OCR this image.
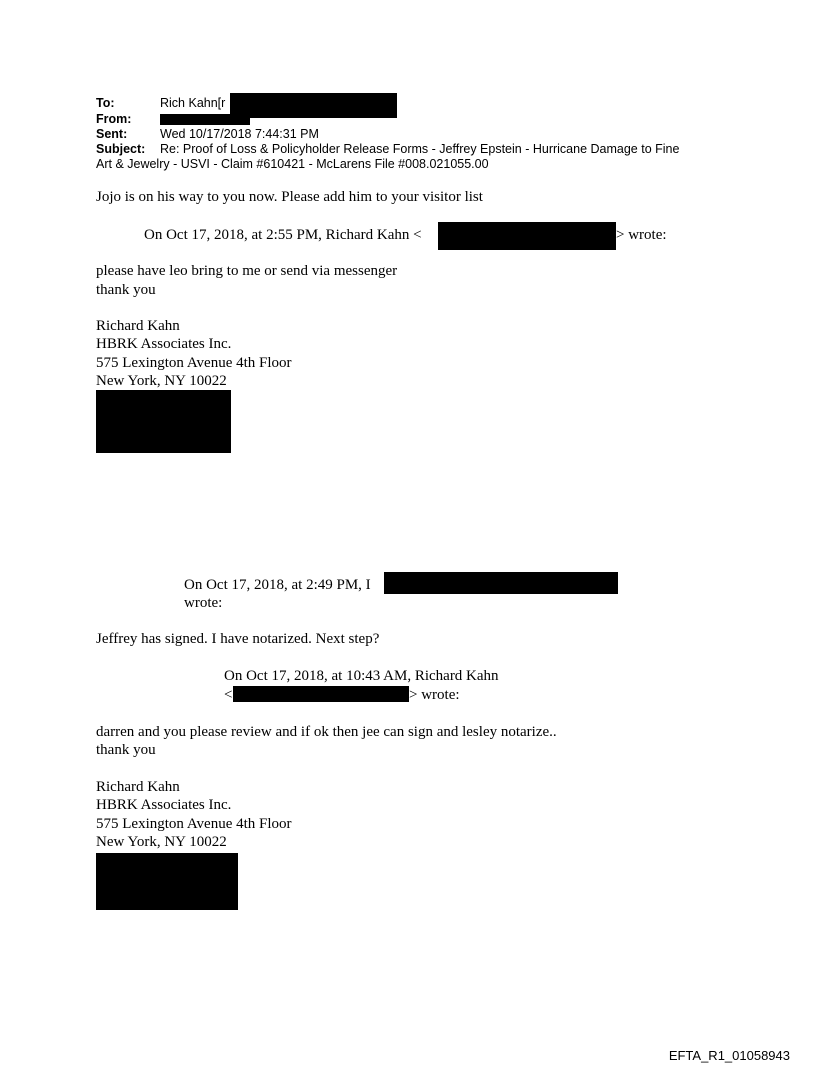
To:	Rich Kahn[r
From:
Sent:	Wed 10/17/2018 7:44:31 PM
Subject: Re: Proof of Loss & Policyholder Release Forms - Jeffrey Epstein - Hurricane Damage to Fine
Art & Jewelry - USVI - Claim #610421 - McLarens File #008.021055.00
Jojo is on his way to you now. Please add him to your visitor list
On Oct 17, 2018, at 2:55 PM, Richard Kahn <	> wrote:
please have leo bring to me or send via messenger
thank you
Richard Kahn
HBRK Associates Inc.
575 Lexington Avenue 4th Floor
New York, NY 10022
On Oct 17, 2018, at 2:49 PM, I
wrote:
Jeffrey has signed. I have notarized. Next step?
On Oct 17, 2018, at 10:43 AM, Richard Kahn
<	> wrote:
darren and you please review and if ok then jee can sign and lesley notarize..
thank you
Richard Kahn
HBRK Associates Inc.
575 Lexington Avenue 4th Floor
New York, NY 10022
EFTA_R1_01058943
